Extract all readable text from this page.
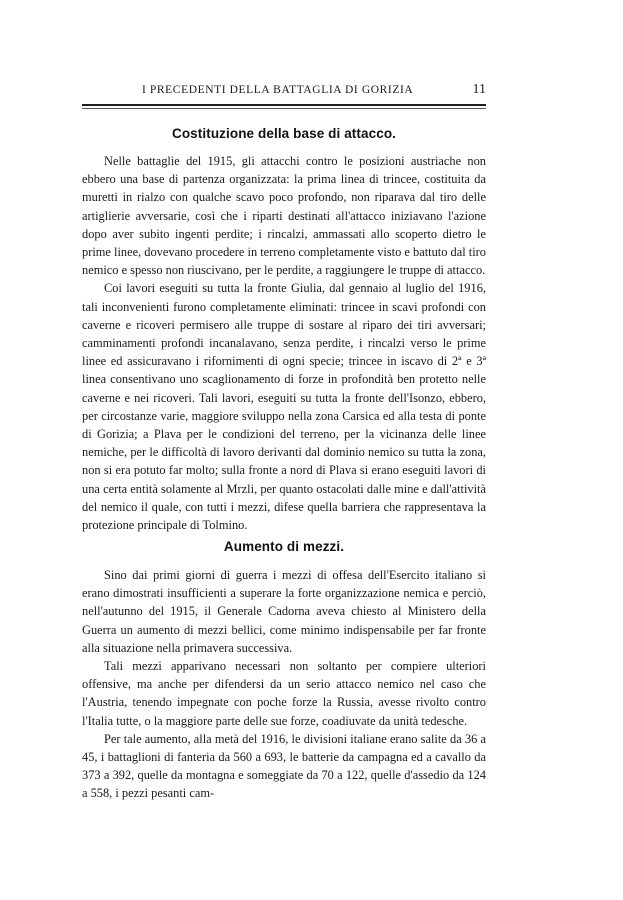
I PRECEDENTI DELLA BATTAGLIA DI GORIZIA	11
Costituzione della base di attacco.

Nelle battaglie del 1915, gli attacchi contro le posizioni austriache non ebbero una base di partenza organizzata: la prima linea di trincee, costituita da muretti in rialzo con qualche scavo poco profondo, non riparava dal tiro delle artiglierie avversarie, così che i riparti destinati all'attacco iniziavano l'azione dopo aver subito ingenti perdite; i rincalzi, ammassati allo scoperto dietro le prime linee, dovevano procedere in terreno completamente visto e battuto dal tiro nemico e spesso non riuscivano, per le perdite, a raggiungere le truppe di attacco.

Coi lavori eseguiti su tutta la fronte Giulia, dal gennaio al luglio del 1916, tali inconvenienti furono completamente eliminati: trincee in scavi profondi con caverne e ricoveri permisero alle truppe di sostare al riparo dei tiri avversari; camminamenti profondi incanalavano, senza perdite, i rincalzi verso le prime linee ed assicuravano i rifornimenti di ogni specie; trincee in iscavo di 2ª e 3ª linea consentivano uno scaglionamento di forze in profondità ben protetto nelle caverne e nei ricoveri. Tali lavori, eseguiti su tutta la fronte dell'Isonzo, ebbero, per circostanze varie, maggiore sviluppo nella zona Carsica ed alla testa di ponte di Gorizia; a Plava per le condizioni del terreno, per la vicinanza delle linee nemiche, per le difficoltà di lavoro derivanti dal dominio nemico su tutta la zona, non si era potuto far molto; sulla fronte a nord di Plava si erano eseguiti lavori di una certa entità solamente al Mrzli, per quanto ostacolati dalle mine e dall'attività del nemico il quale, con tutti i mezzi, difese quella barriera che rappresentava la protezione principale di Tolmino.

Aumento di mezzi.

Sino dai primi giorni di guerra i mezzi di offesa dell'Esercito italiano si erano dimostrati insufficienti a superare la forte organizzazione nemica e perciò, nell'autunno del 1915, il Generale Cadorna aveva chiesto al Ministero della Guerra un aumento di mezzi bellici, come minimo indispensabile per far fronte alla situazione nella primavera successiva.

Tali mezzi apparivano necessari non soltanto per compiere ulteriori offensive, ma anche per difendersi da un serio attacco nemico nel caso che l'Austria, tenendo impegnate con poche forze la Russia, avesse rivolto contro l'Italia tutte, o la maggiore parte delle sue forze, coadiuvate da unità tedesche.

Per tale aumento, alla metà del 1916, le divisioni italiane erano salite da 36 a 45, i battaglioni di fanteria da 560 a 693, le batterie da campagna ed a cavallo da 373 a 392, quelle da montagna e someggiate da 70 a 122, quelle d'assedio da 124 a 558, i pezzi pesanti cam-
